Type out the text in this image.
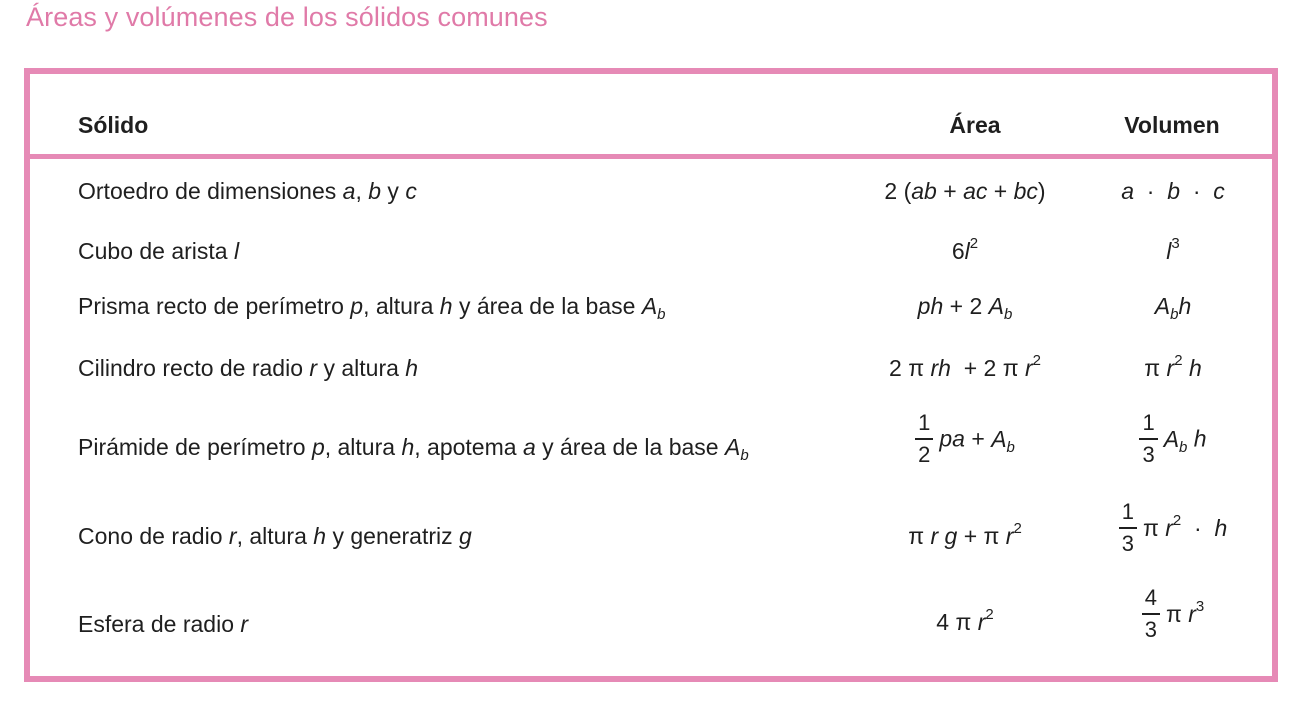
Áreas y volúmenes de los sólidos comunes
Sólido	Área	Volumen
Ortoedro de dimensiones a, b y c	2 (ab + ac + bc)	a  ·  b  ·  c
Cubo de arista l	$6l^2$	$l^3$
Prisma recto de perímetro p, altura h y área de la base $A_b$	ph + 2 $A_b$	$A_bh$
Cilindro recto de radio r y altura h	2 π rh  + 2 π $r^2$	π $r^2$ h
Pirámide de perímetro p, altura h, apotema a y área de la base $A_b$	$\frac{1}{2}$ pa + $A_b$	$\frac{1}{3} A_b$ h
Cono de radio r, altura h y generatriz g	π r g + π $r^2$	$\frac{1}{3}$ π $r^2 \cdot h$
Esfera de radio r	4 π $r^2$	$\frac{4}{3}$ π $r^3$
